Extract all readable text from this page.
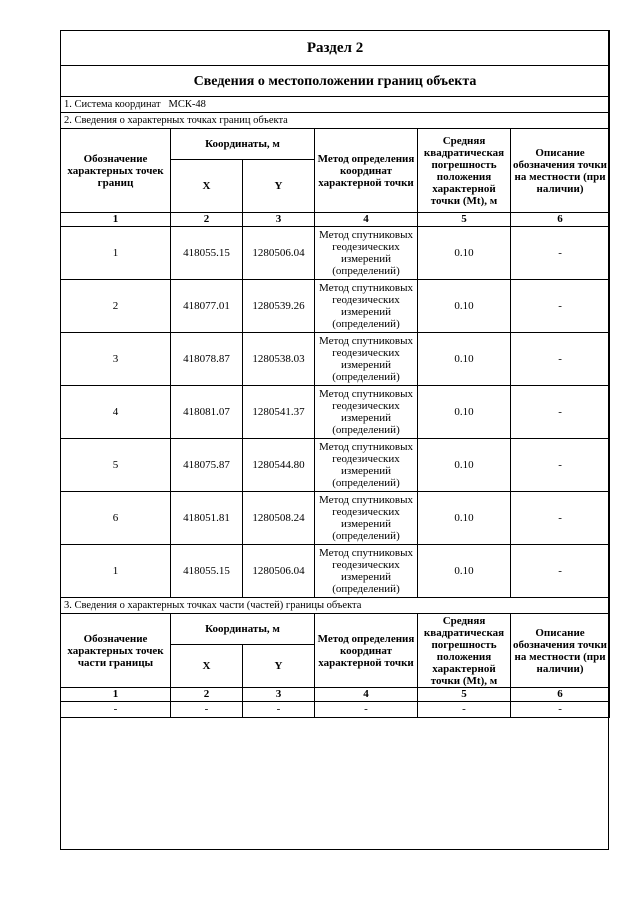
Раздел 2					
Сведения о местоположении границ объекта					
1. Система координат МСК-48					
2. Сведения о характерных точках границ объекта					
Обозначение характерных точек границ	Координаты, м		Метод определения координат характерной точки	Средняя квадратическая погрешность положения характерной точки (Mt), м	Описание обозначения точки на местности (при наличии)
	X	Y			
1	2	3	4	5	6
1	418055.15	1280506.04	Метод спутниковых геодезических измерений (определений)	0.10	-
2	418077.01	1280539.26	Метод спутниковых геодезических измерений (определений)	0.10	-
3	418078.87	1280538.03	Метод спутниковых геодезических измерений (определений)	0.10	-
4	418081.07	1280541.37	Метод спутниковых геодезических измерений (определений)	0.10	-
5	418075.87	1280544.80	Метод спутниковых геодезических измерений (определений)	0.10	-
6	418051.81	1280508.24	Метод спутниковых геодезических измерений (определений)	0.10	-
1	418055.15	1280506.04	Метод спутниковых геодезических измерений (определений)	0.10	-
3. Сведения о характерных точках части (частей) границы объекта					
Обозначение характерных точек части границы	Координаты, м		Метод определения координат характерной точки	Средняя квадратическая погрешность положения характерной точки (Mt), м	Описание обозначения точки на местности (при наличии)
	X	Y			
1	2	3	4	5	6
-	-	-	-	-	-
